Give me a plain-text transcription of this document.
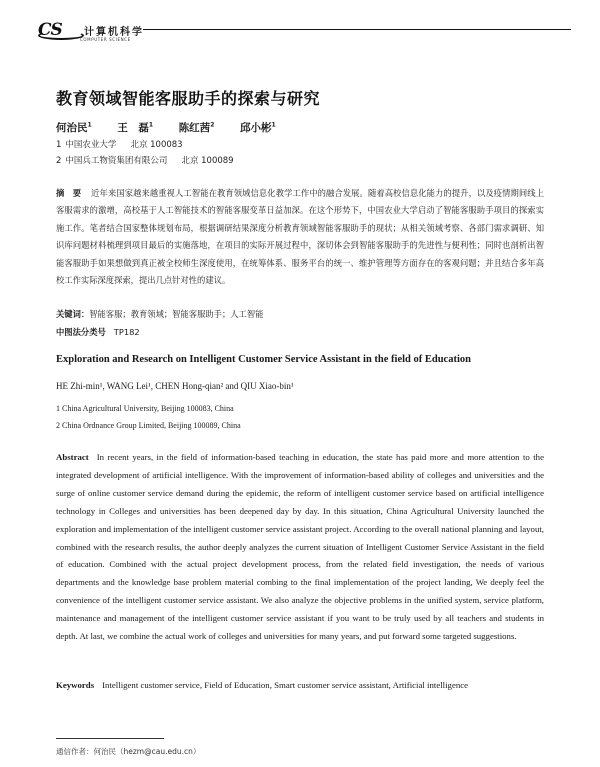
CS 计算机科学
COMPUTER SCIENCE
教育领域智能客服助手的探索与研究
何治民$^1$ 王　磊$^1$ 陈红茜$^2$ 邱小彬$^1$
1 中国农业大学 北京 100083
2 中国兵工物资集团有限公司 北京 100089
摘　要 近年来国家越来越重视人工智能在教育领域信息化教学工作中的融合发展。随着高校信息化能力的提升，以及疫情期间线上客服需求的激增，高校基于人工智能技术的智能客服变革日益加深。在这个形势下，中国农业大学启动了智能客服助手项目的探索实施工作。笔者结合国家整体规划布局，根据调研结果深度分析教育领域智能客服助手的现状；从相关领域考察、各部门需求调研、知识库问题材料梳理到项目最后的实施落地，在项目的实际开展过程中，深切体会到智能客服助手的先进性与便利性；同时也剖析出智能客服助手如果想做到真正被全校师生深度使用，在统筹体系、服务平台的统一、维护管理等方面存在的客观问题；并且结合多年高校工作实际深度探索，提出几点针对性的建议。
关键词：智能客服；教育领域；智能客服助手；人工智能
中图法分类号 TP182
Exploration and Research on Intelligent Customer Service Assistant in the field of Education
HE Zhi-min¹, WANG Lei¹, CHEN Hong-qian² and QIU Xiao-bin¹
1 China Agricultural University, Beijing 100083, China
2 China Ordnance Group Limited, Beijing 100089, China
Abstract In recent years, in the field of information-based teaching in education, the state has paid more and more attention to the integrated development of artificial intelligence. With the improvement of information-based ability of colleges and universities and the surge of online customer service demand during the epidemic, the reform of intelligent customer service based on artificial intelligence technology in Colleges and universities has been deepened day by day. In this situation, China Agricultural University launched the exploration and implementation of the intelligent customer service assistant project. According to the overall national planning and layout, combined with the research results, the author deeply analyzes the current situation of Intelligent Customer Service Assistant in the field of education. Combined with the actual project development process, from the related field investigation, the needs of various departments and the knowledge base problem material combing to the final implementation of the project landing, We deeply feel the convenience of the intelligent customer service assistant. We also analyze the objective problems in the unified system, service platform, maintenance and management of the intelligent customer service assistant if you want to be truly used by all teachers and students in depth. At last, we combine the actual work of colleges and universities for many years, and put forward some targeted suggestions.
Keywords Intelligent customer service, Field of Education, Smart customer service assistant, Artificial intelligence
通信作者：何治民（hezm@cau.edu.cn）
